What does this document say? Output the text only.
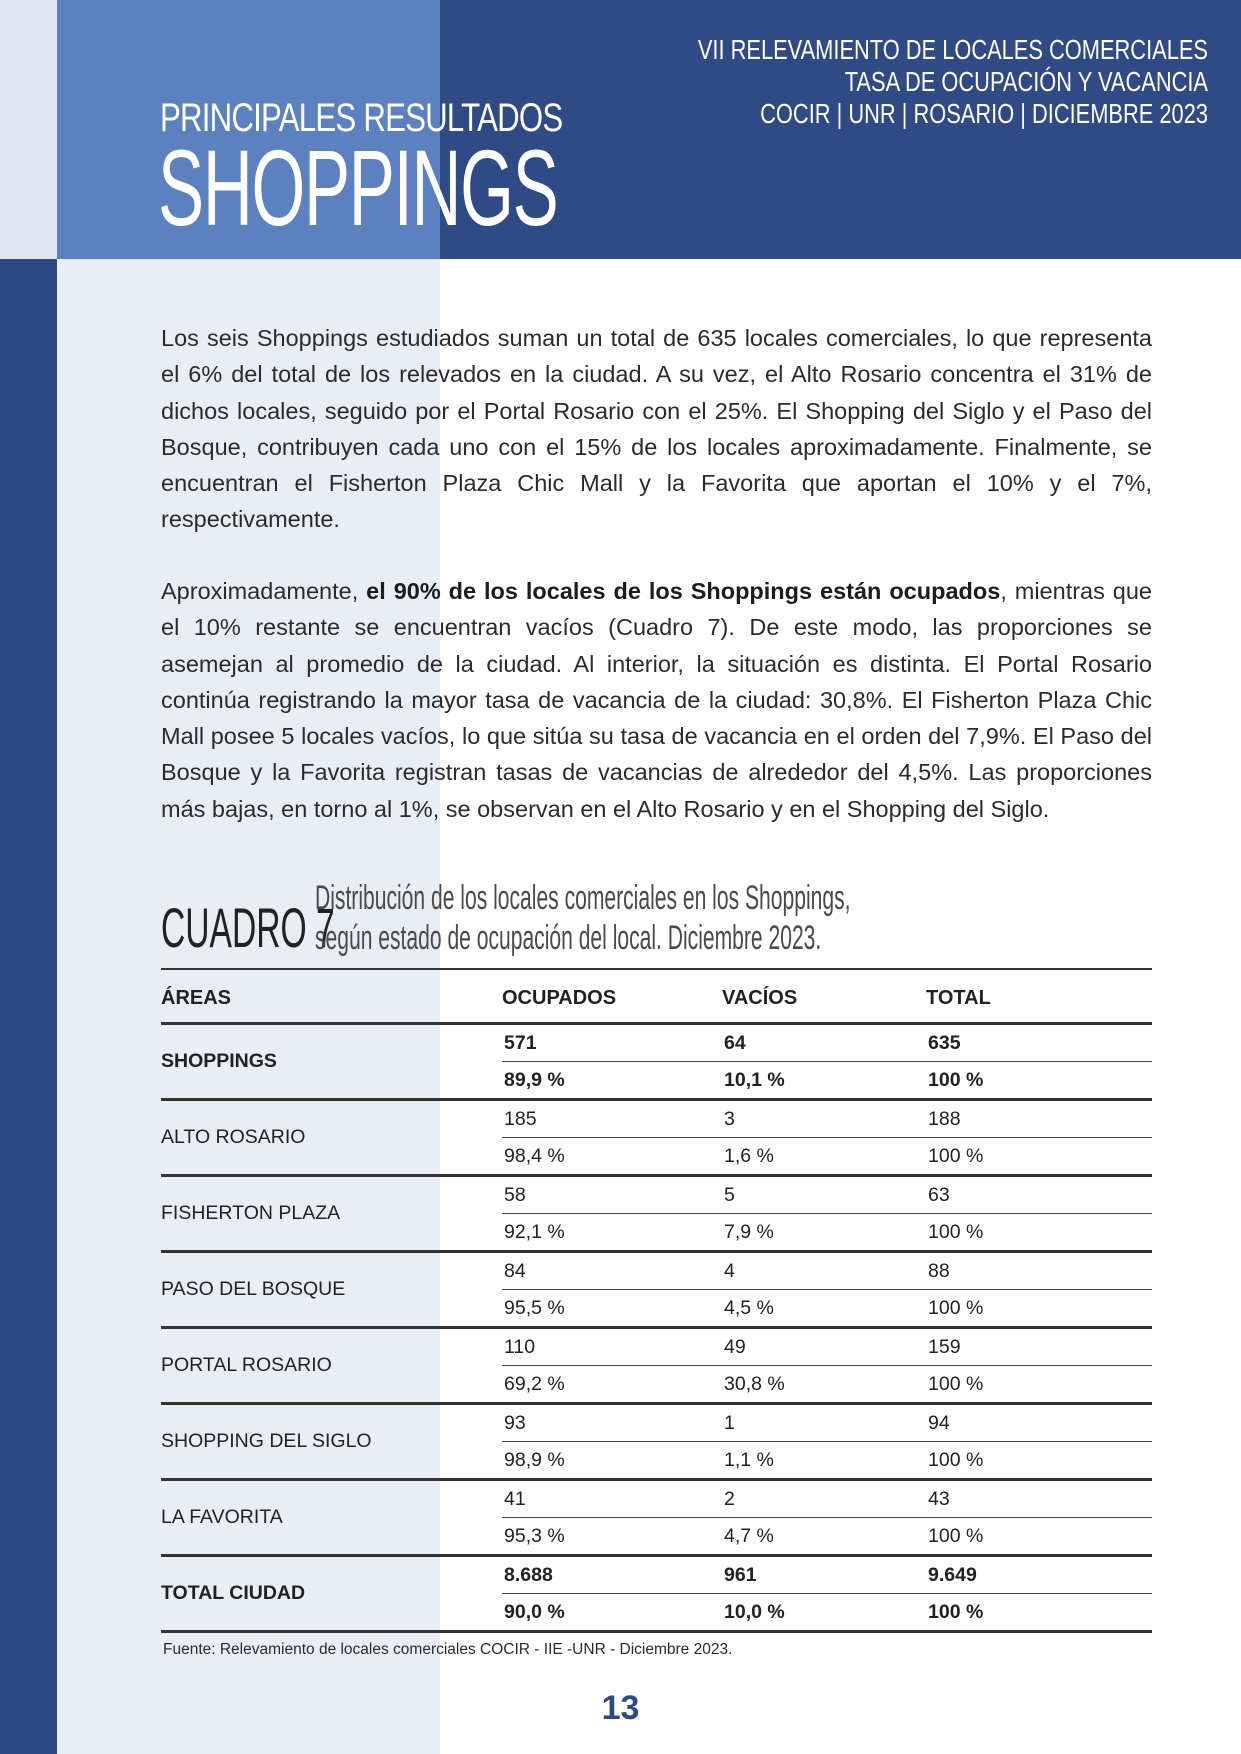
PRINCIPALES RESULTADOS
SHOPPINGS
VII RELEVAMIENTO DE LOCALES COMERCIALES
TASA DE OCUPACIÓN Y VACANCIA
COCIR | UNR | ROSARIO | DICIEMBRE 2023

Los seis Shoppings estudiados suman un total de 635 locales comerciales, lo que representa el 6% del total de los relevados en la ciudad. A su vez, el Alto Rosario concentra el 31% de dichos locales, seguido por el Portal Rosario con el 25%. El Shopping del Siglo y el Paso del Bosque, contribuyen cada uno con el 15% de los locales aproximadamente. Finalmente, se encuentran el Fisherton Plaza Chic Mall y la Favorita que aportan el 10% y el 7%, respectivamente.

Aproximadamente, el 90% de los locales de los Shoppings están ocupados, mientras que el 10% restante se encuentran vacíos (Cuadro 7). De este modo, las proporciones se asemejan al promedio de la ciudad. Al interior, la situación es distinta. El Portal Rosario continúa registrando la mayor tasa de vacancia de la ciudad: 30,8%. El Fisherton Plaza Chic Mall posee 5 locales vacíos, lo que sitúa su tasa de vacancia en el orden del 7,9%. El Paso del Bosque y la Favorita registran tasas de vacancias de alrededor del 4,5%. Las proporciones más bajas, en torno al 1%, se observan en el Alto Rosario y en el Shopping del Siglo.

CUADRO 7
Distribución de los locales comerciales en los Shoppings,
según estado de ocupación del local. Diciembre 2023.
ÁREAS	OCUPADOS	VACÍOS	TOTAL
SHOPPINGS	571	64	635
	89,9 %	10,1 %	100 %
ALTO ROSARIO	185	3	188
	98,4 %	1,6 %	100 %
FISHERTON PLAZA	58	5	63
	92,1 %	7,9 %	100 %
PASO DEL BOSQUE	84	4	88
	95,5 %	4,5 %	100 %
PORTAL ROSARIO	110	49	159
	69,2 %	30,8 %	100 %
SHOPPING DEL SIGLO	93	1	94
	98,9 %	1,1 %	100 %
LA FAVORITA	41	2	43
	95,3 %	4,7 %	100 %
TOTAL CIUDAD	8.688	961	9.649
	90,0 %	10,0 %	100 %
Fuente: Relevamiento de locales comerciales COCIR - IIE -UNR - Diciembre 2023.
13
